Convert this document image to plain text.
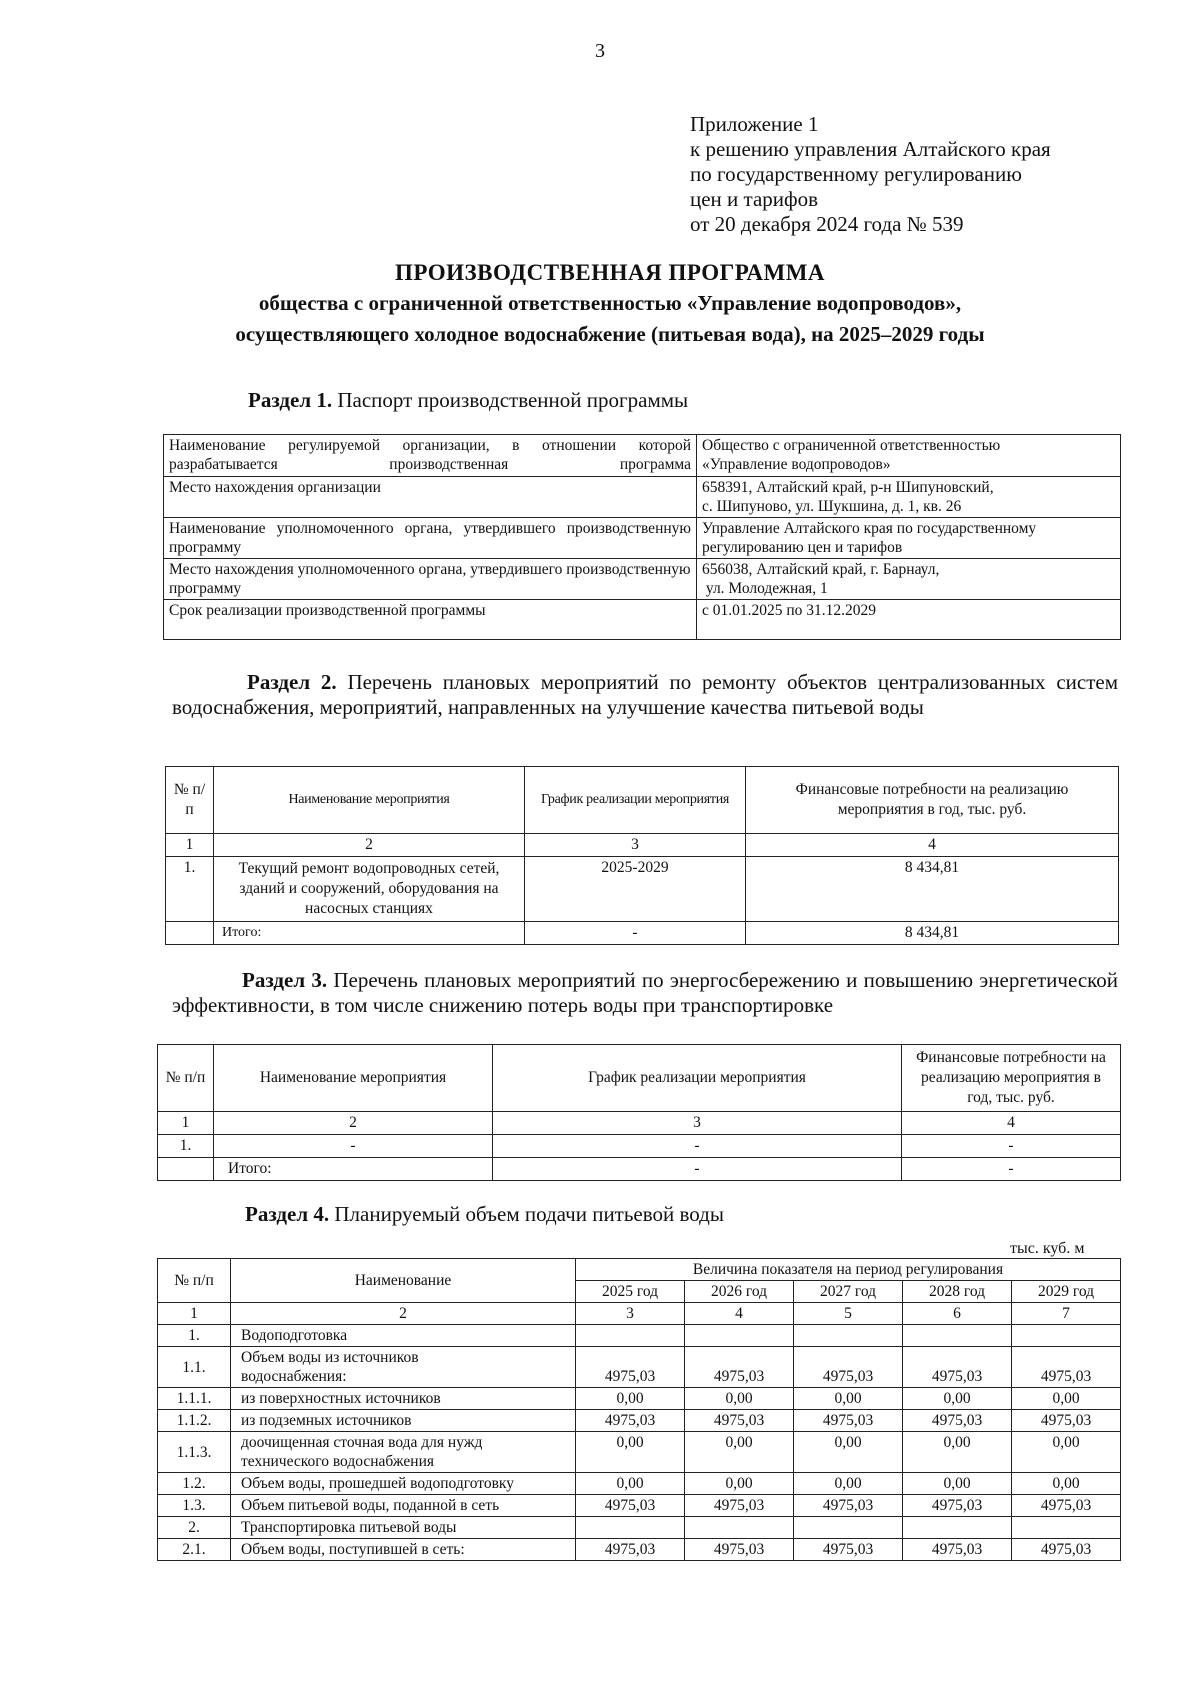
3
Приложение 1
к решению управления Алтайского края
по государственному регулированию
цен и тарифов
от 20 декабря 2024 года № 539
ПРОИЗВОДСТВЕННАЯ ПРОГРАММА
общества с ограниченной ответственностью «Управление водопроводов»,
осуществляющего холодное водоснабжение (питьевая вода), на 2025–2029 годы
Раздел 1. Паспорт производственной программы
Наименование регулируемой организации, в отношении которой разрабатывается производственная программа	Общество с ограниченной ответственностью
«Управление водопроводов»

Место нахождения организации	658391, Алтайский край, р-н Шипуновский,
с. Шипуново, ул. Шукшина, д. 1, кв. 26

Наименование уполномоченного органа, утвердившего производственную программу	Управление Алтайского края по государственному
регулированию цен и тарифов

Место нахождения уполномоченного органа, утвердившего производственную программу	656038, Алтайский край, г. Барнаул,
ул. Молодежная, 1

Срок реализации производственной программы	с 01.01.2025 по 31.12.2029
Раздел 2. Перечень плановых мероприятий по ремонту объектов централизованных систем водоснабжения, мероприятий, направленных на улучшение качества питьевой воды
№ п/п	Наименование мероприятия	График реализации мероприятия	Финансовые потребности на реализацию мероприятия в год, тыс. руб.
1	2	3	4
1.	Текущий ремонт водопроводных сетей, зданий и сооружений, оборудования на насосных станциях	2025-2029	8 434,81
	Итого:	-	8 434,81
Раздел 3. Перечень плановых мероприятий по энергосбережению и повышению энергетической эффективности, в том числе снижению потерь воды при транспортировке
№ п/п	Наименование мероприятия	График реализации мероприятия	Финансовые потребности на реализацию мероприятия в год, тыс. руб.
1	2	3	4
1.	-	-	-
	Итого:	-	-
Раздел 4. Планируемый объем подачи питьевой воды
тыс. куб. м
№ п/п	Наименование	Величина показателя на период регулирования				
		2025 год	2026 год	2027 год	2028 год	2029 год
1	2	3	4	5	6	7
1.	Водоподготовка					
1.1.	Объем воды из источников водоснабжения:	4975,03	4975,03	4975,03	4975,03	4975,03
1.1.1.	из поверхностных источников	0,00	0,00	0,00	0,00	0,00
1.1.2.	из подземных источников	4975,03	4975,03	4975,03	4975,03	4975,03
1.1.3.	доочищенная сточная вода для нужд технического водоснабжения	0,00	0,00	0,00	0,00	0,00
1.2.	Объем воды, прошедшей водоподготовку	0,00	0,00	0,00	0,00	0,00
1.3.	Объем питьевой воды, поданной в сеть	4975,03	4975,03	4975,03	4975,03	4975,03
2.	Транспортировка питьевой воды					
2.1.	Объем воды, поступившей в сеть:	4975,03	4975,03	4975,03	4975,03	4975,03
